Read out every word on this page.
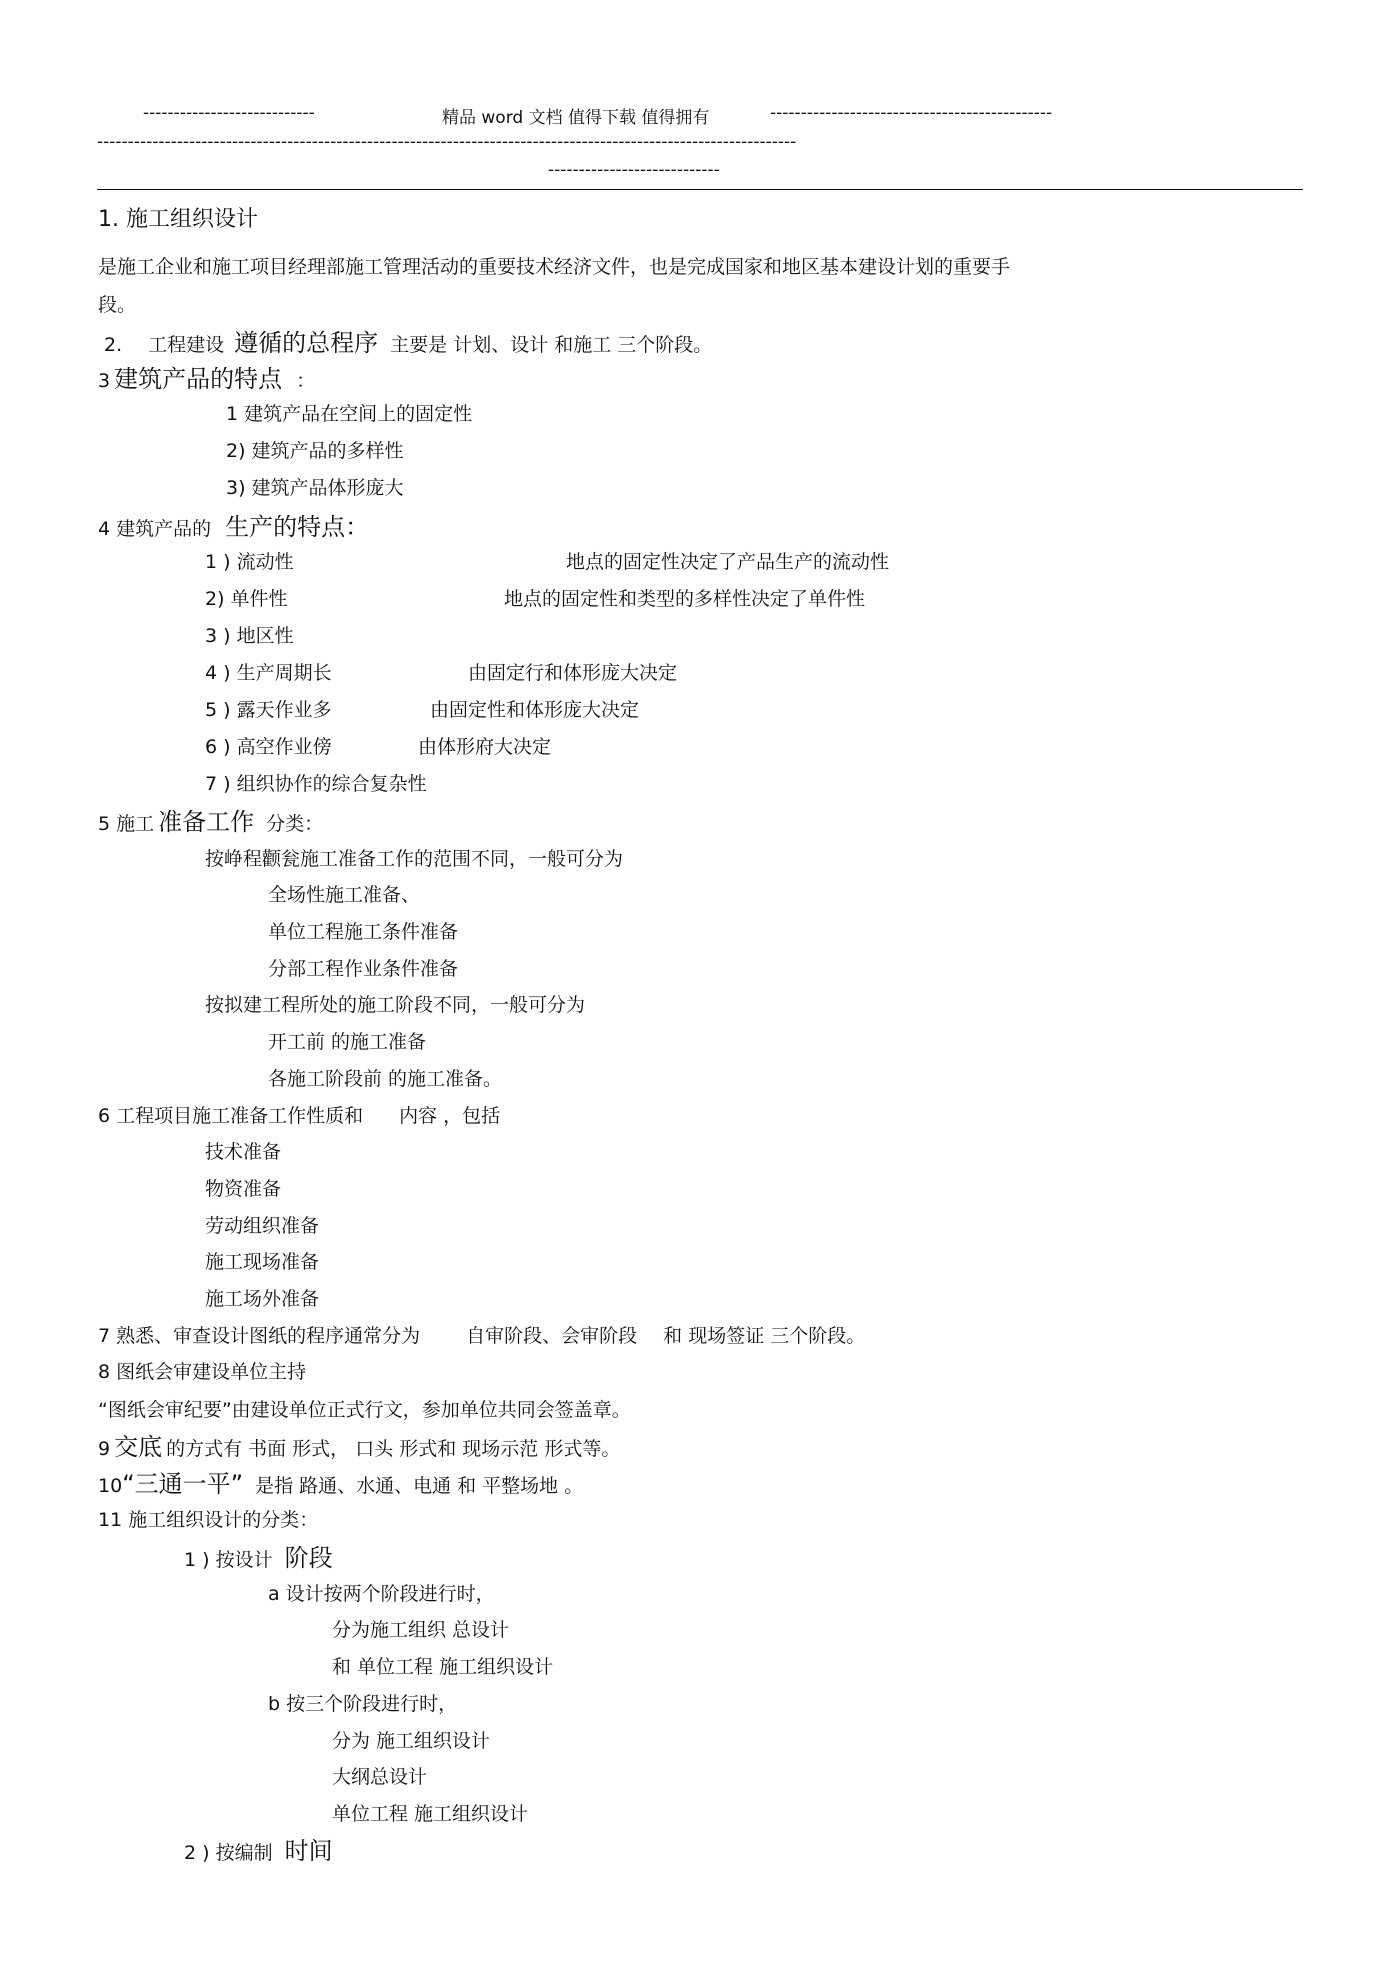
----------------------------	精品 word 文档 值得下载 值得拥有	----------------------------------------------
------------------------------------------------------------------------------------------------------------------
----------------------------
1. 施工组织设计
是施工企业和施工项目经理部施工管理活动的重要技术经济文件，也是完成国家和地区基本建设计划的重要手
段。
2. 工程建设 遵循的总程序 主要是 计划、设计 和施工 三个阶段。
3 建筑产品的特点 ：
1 建筑产品在空间上的固定性
2) 建筑产品的多样性
3) 建筑产品体形庞大
4 建筑产品的 生产的特点：
1 ) 流动性	地点的固定性决定了产品生产的流动性
2) 单件性	地点的固定性和类型的多样性决定了单件性
3 ) 地区性
4 ) 生产周期长	由固定行和体形庞大决定
5 ) 露天作业多	由固定性和体形庞大决定
6 ) 高空作业傍	由体形府大决定
7 ) 组织协作的综合复杂性
5 施工 准备工作 分类：
按峥程颧瓮施工准备工作的范围不同，一般可分为
全场性施工准备、
单位工程施工条件准备
分部工程作业条件准备
按拟建工程所处的施工阶段不同，一般可分为
开工前 的施工准备
各施工阶段前 的施工准备。
6 工程项目施工准备工作性质和 内容 ，包括
技术准备
物资准备
劳动组织准备
施工现场准备
施工场外准备
7 熟悉、审查设计图纸的程序通常分为 自审阶段、会审阶段 和 现场签证 三个阶段。
8 图纸会审建设单位主持
“图纸会审纪要”由建设单位正式行文，参加单位共同会签盖章。
9 交底 的方式有 书面 形式， 口头 形式和 现场示范 形式等。
10“三通一平” 是指 路通、水通、电通 和 平整场地 。
11 施工组织设计的分类：
1 ) 按设计 阶段
a 设计按两个阶段进行时，
分为施工组织 总设计
和 单位工程 施工组织设计
b 按三个阶段进行时，
分为 施工组织设计
大纲总设计
单位工程 施工组织设计
2 ) 按编制 时间
